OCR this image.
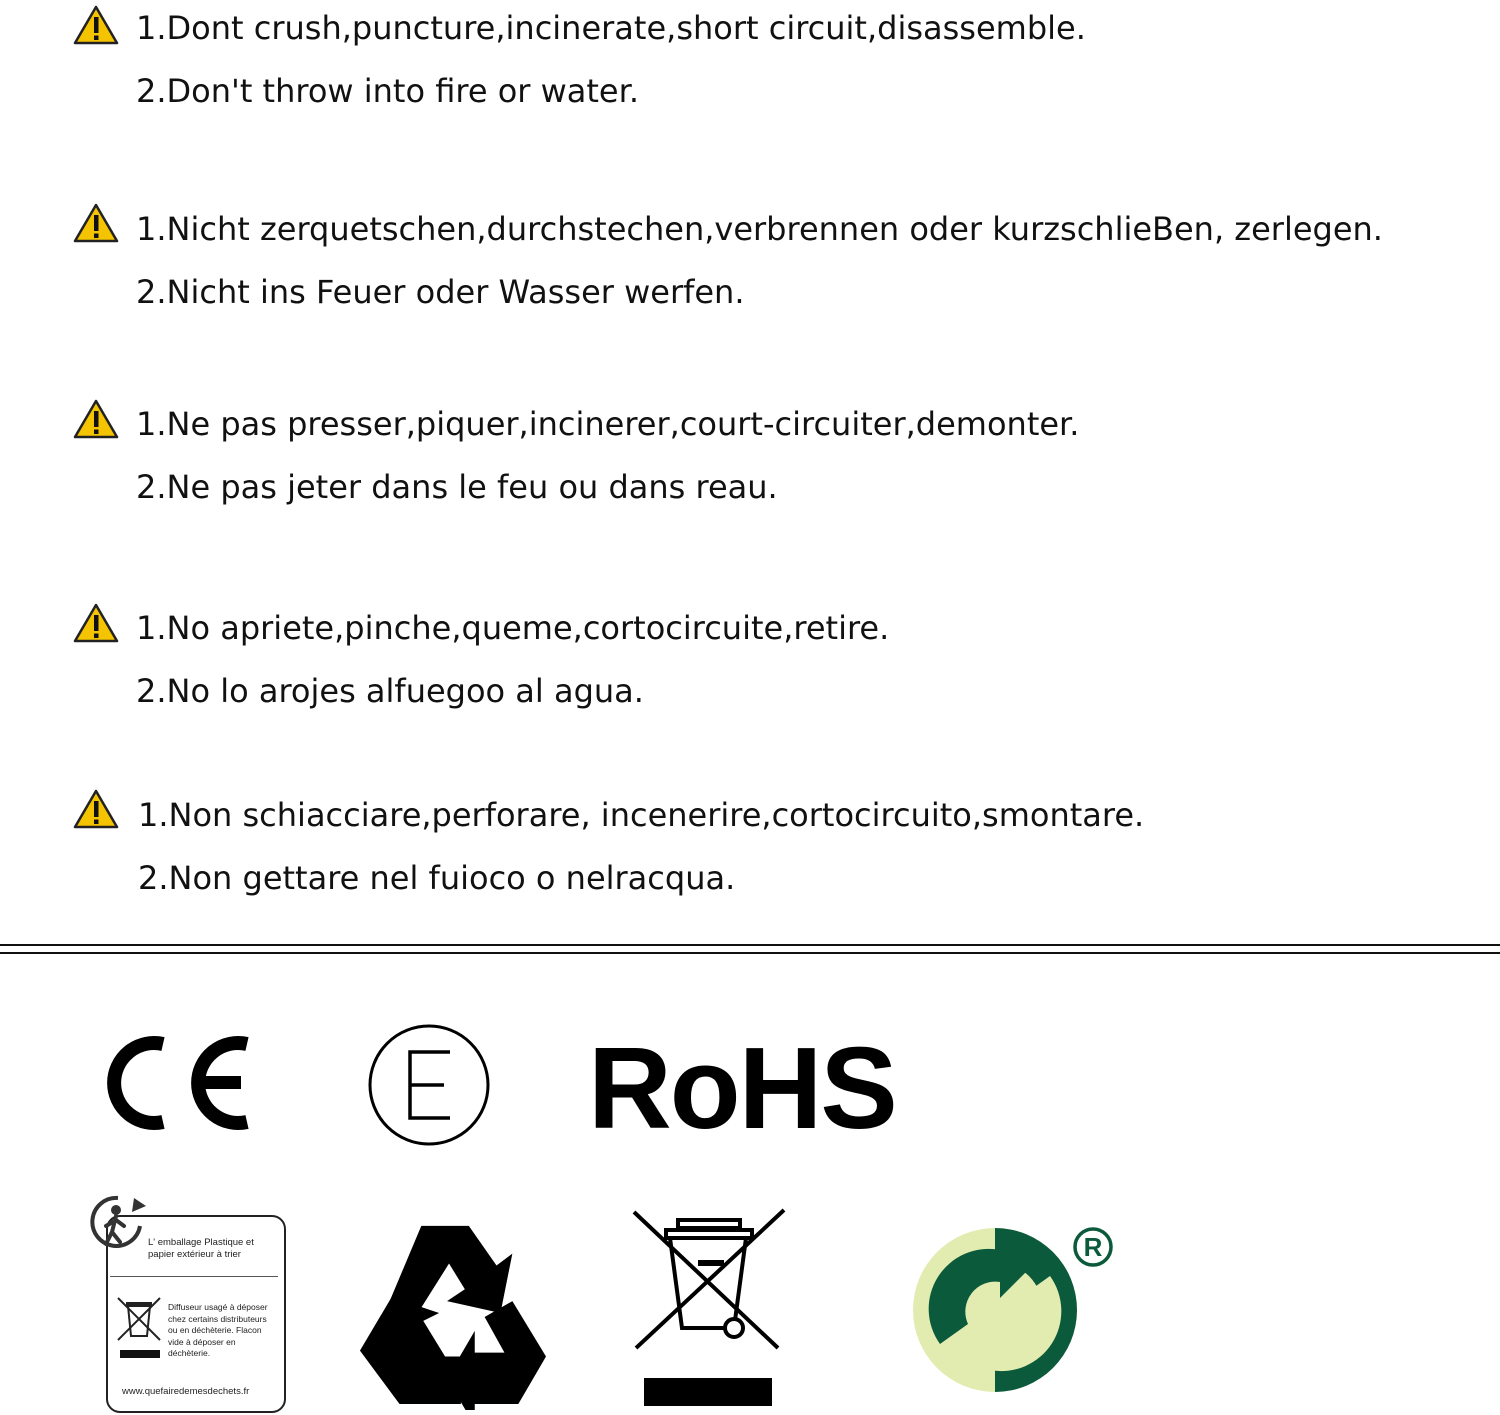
1.Dont crush,puncture,incinerate,short circuit,disassemble.
2.Don't throw into fire or water.
1.Nicht zerquetschen,durchstechen,verbrennen oder kurzschlieBen, zerlegen.
2.Nicht ins Feuer oder Wasser werfen.
1.Ne pas presser,piquer,incinerer,court-circuiter,demonter.
2.Ne pas jeter dans le feu ou dans reau.
1.No apriete,pinche,queme,cortocircuite,retire.
2.No lo arojes alfuegoo al agua.
1.Non schiacciare,perforare, incenerire,cortocircuito,smontare.
2.Non gettare nel fuioco o nelracqua.
RoHS
L' emballage Plastique et
papier extérieur à trier
Diffuseur usagé à déposer
chez certains distributeurs
ou en déchèterie. Flacon
vide à déposer en
déchèterie.
www.quefairedemesdechets.fr
R
